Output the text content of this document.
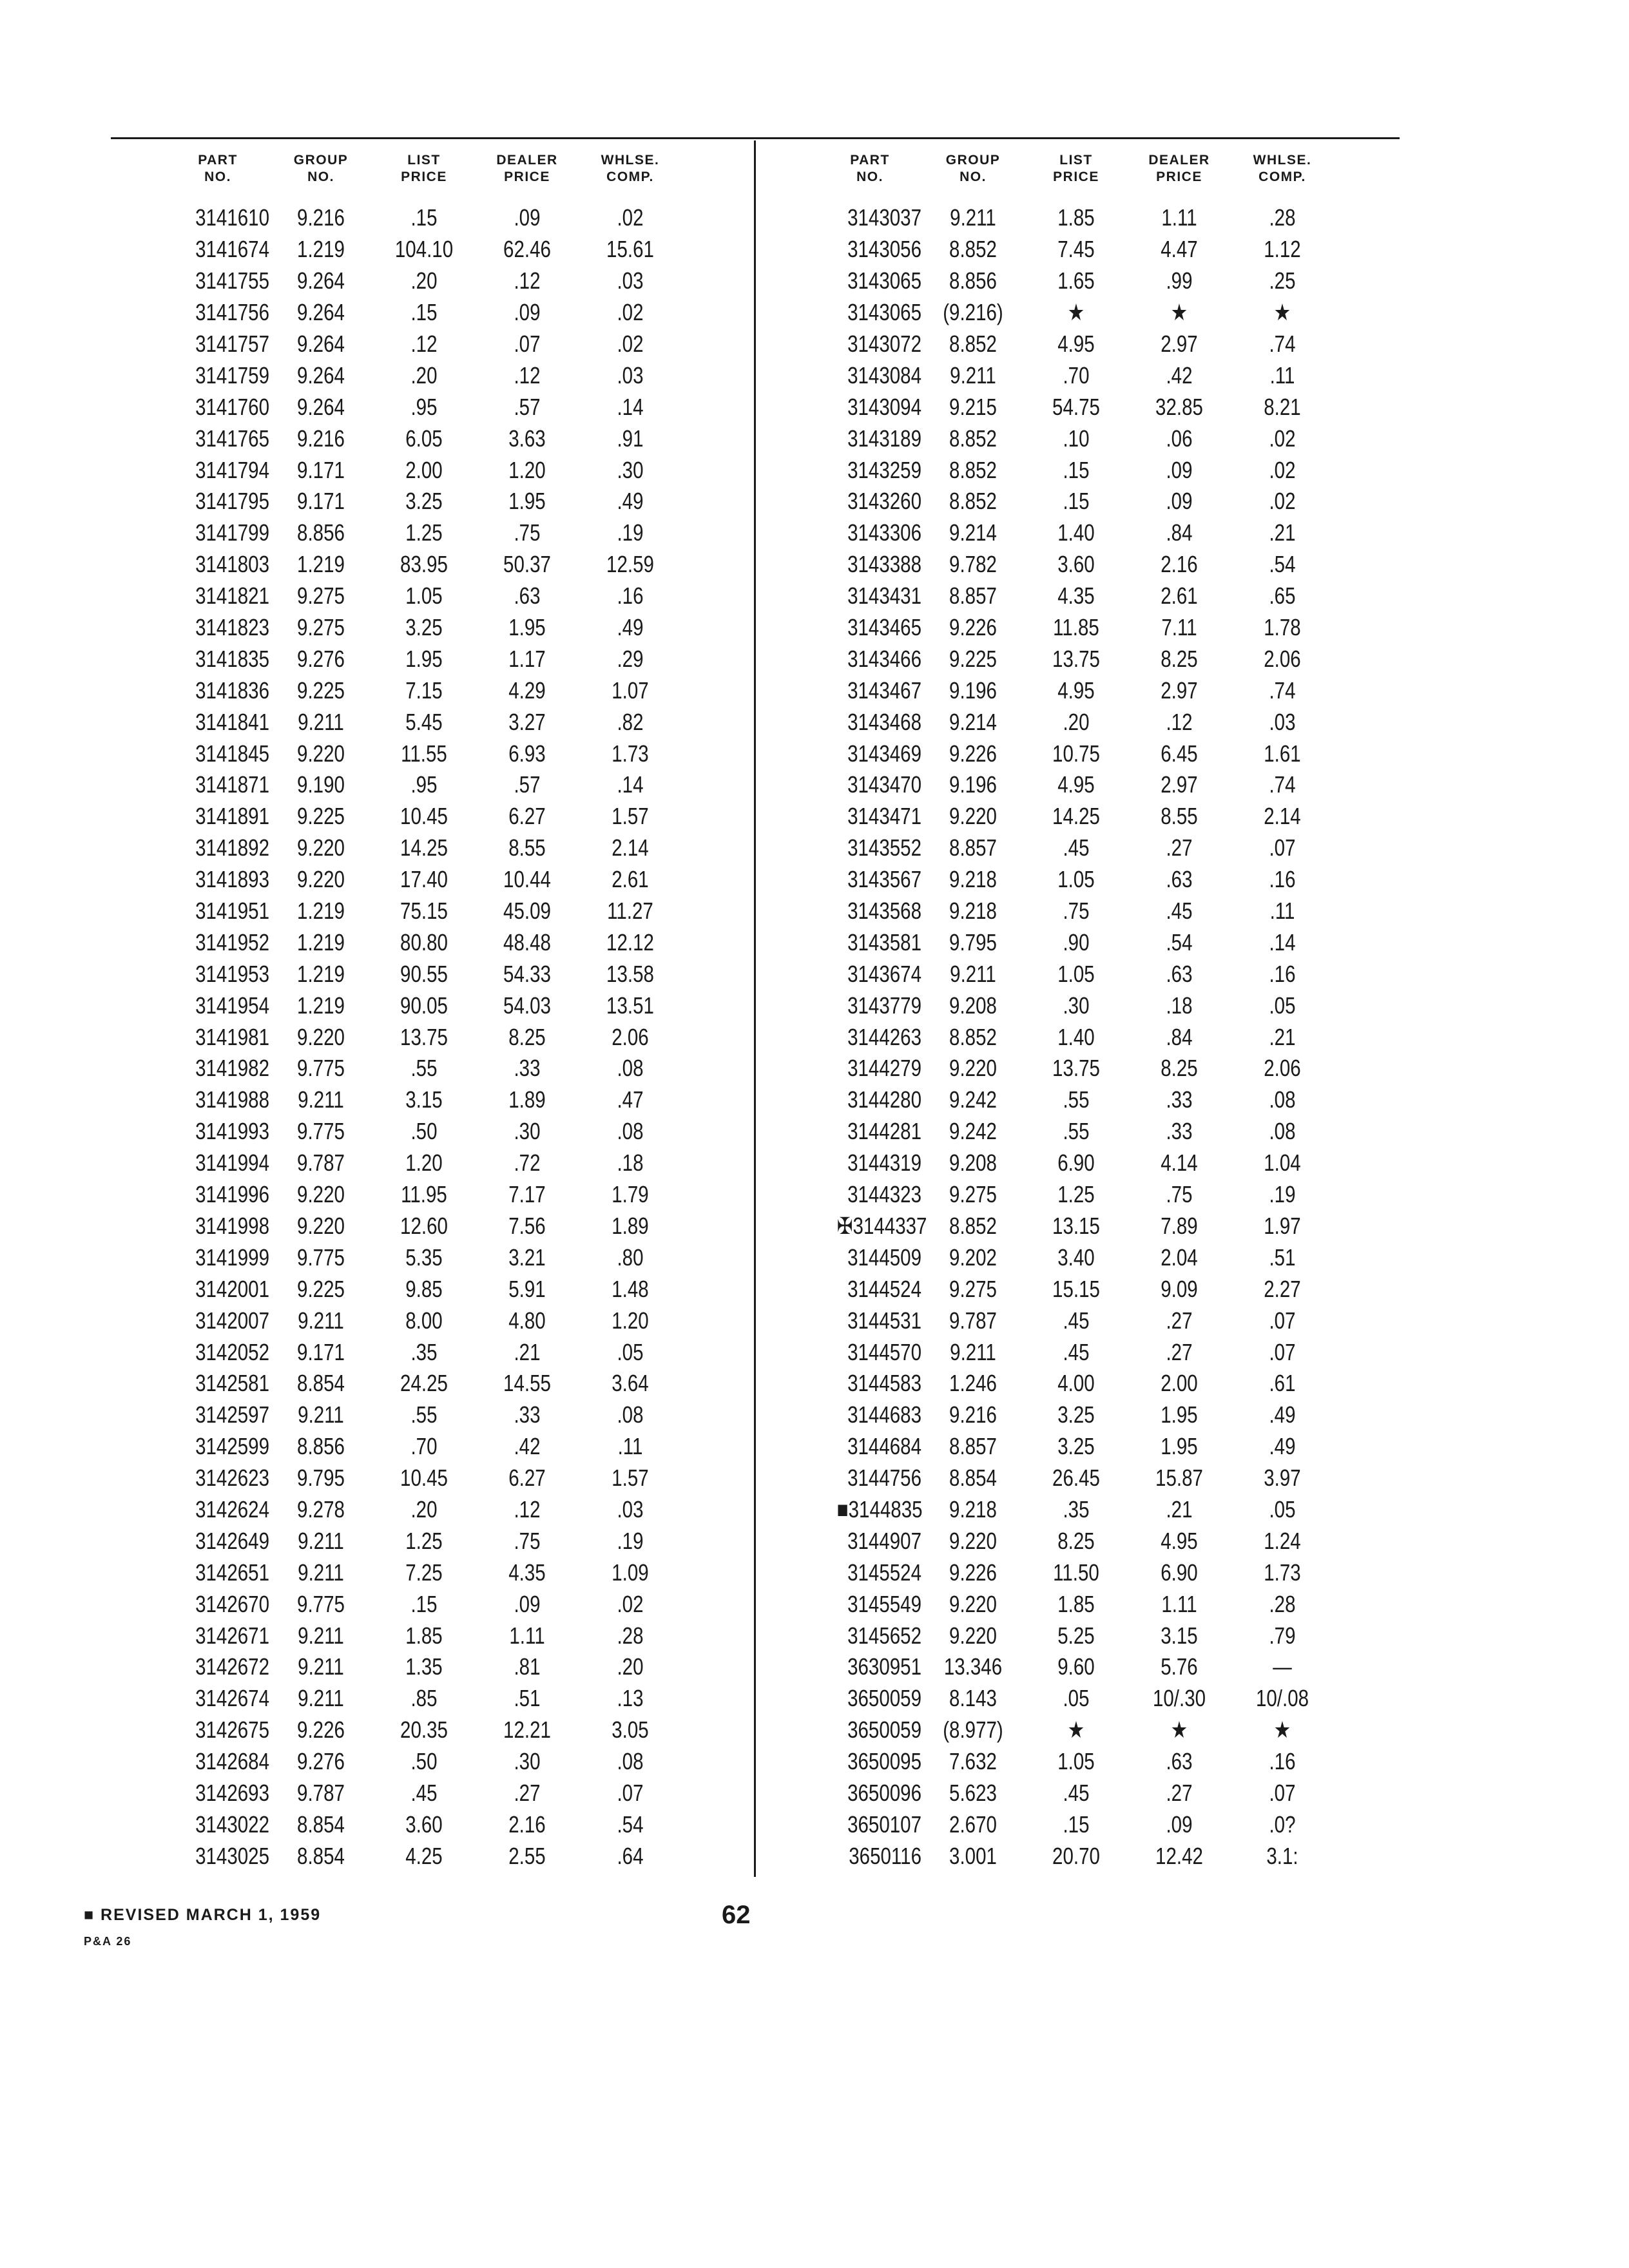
PART
NO.
GROUP
NO.
LIST
PRICE
DEALER
PRICE
WHLSE.
COMP.
3141610	9.216	.15	.09	.02
3141674	1.219	104.10	62.46	15.61
3141755	9.264	.20	.12	.03
3141756	9.264	.15	.09	.02
3141757	9.264	.12	.07	.02
3141759	9.264	.20	.12	.03
3141760	9.264	.95	.57	.14
3141765	9.216	6.05	3.63	.91
3141794	9.171	2.00	1.20	.30
3141795	9.171	3.25	1.95	.49
3141799	8.856	1.25	.75	.19
3141803	1.219	83.95	50.37	12.59
3141821	9.275	1.05	.63	.16
3141823	9.275	3.25	1.95	.49
3141835	9.276	1.95	1.17	.29
3141836	9.225	7.15	4.29	1.07
3141841	9.211	5.45	3.27	.82
3141845	9.220	11.55	6.93	1.73
3141871	9.190	.95	.57	.14
3141891	9.225	10.45	6.27	1.57
3141892	9.220	14.25	8.55	2.14
3141893	9.220	17.40	10.44	2.61
3141951	1.219	75.15	45.09	11.27
3141952	1.219	80.80	48.48	12.12
3141953	1.219	90.55	54.33	13.58
3141954	1.219	90.05	54.03	13.51
3141981	9.220	13.75	8.25	2.06
3141982	9.775	.55	.33	.08
3141988	9.211	3.15	1.89	.47
3141993	9.775	.50	.30	.08
3141994	9.787	1.20	.72	.18
3141996	9.220	11.95	7.17	1.79
3141998	9.220	12.60	7.56	1.89
3141999	9.775	5.35	3.21	.80
3142001	9.225	9.85	5.91	1.48
3142007	9.211	8.00	4.80	1.20
3142052	9.171	.35	.21	.05
3142581	8.854	24.25	14.55	3.64
3142597	9.211	.55	.33	.08
3142599	8.856	.70	.42	.11
3142623	9.795	10.45	6.27	1.57
3142624	9.278	.20	.12	.03
3142649	9.211	1.25	.75	.19
3142651	9.211	7.25	4.35	1.09
3142670	9.775	.15	.09	.02
3142671	9.211	1.85	1.11	.28
3142672	9.211	1.35	.81	.20
3142674	9.211	.85	.51	.13
3142675	9.226	20.35	12.21	3.05
3142684	9.276	.50	.30	.08
3142693	9.787	.45	.27	.07
3143022	8.854	3.60	2.16	.54
3143025	8.854	4.25	2.55	.64
PART
NO.
GROUP
NO.
LIST
PRICE
DEALER
PRICE
WHLSE.
COMP.
3143037	9.211	1.85	1.11	.28
3143056	8.852	7.45	4.47	1.12
3143065	8.856	1.65	.99	.25
3143065 (9.216)	★	★	★
3143072	8.852	4.95	2.97	.74
3143084	9.211	.70	.42	.11
3143094	9.215	54.75	32.85	8.21
3143189	8.852	.10	.06	.02
3143259	8.852	.15	.09	.02
3143260	8.852	.15	.09	.02
3143306	9.214	1.40	.84	.21
3143388	9.782	3.60	2.16	.54
3143431	8.857	4.35	2.61	.65
3143465	9.226	11.85	7.11	1.78
3143466	9.225	13.75	8.25	2.06
3143467	9.196	4.95	2.97	.74
3143468	9.214	.20	.12	.03
3143469	9.226	10.75	6.45	1.61
3143470	9.196	4.95	2.97	.74
3143471	9.220	14.25	8.55	2.14
3143552	8.857	.45	.27	.07
3143567	9.218	1.05	.63	.16
3143568	9.218	.75	.45	.11
3143581	9.795	.90	.54	.14
3143674	9.211	1.05	.63	.16
3143779	9.208	.30	.18	.05
3144263	8.852	1.40	.84	.21
3144279	9.220	13.75	8.25	2.06
3144280	9.242	.55	.33	.08
3144281	9.242	.55	.33	.08
3144319	9.208	6.90	4.14	1.04
3144323	9.275	1.25	.75	.19
✠3144337 8.852	13.15	7.89	1.97
3144509	9.202	3.40	2.04	.51
3144524	9.275	15.15	9.09	2.27
3144531	9.787	.45	.27	.07
3144570	9.211	.45	.27	.07
3144583	1.246	4.00	2.00	.61
3144683	9.216	3.25	1.95	.49
3144684	8.857	3.25	1.95	.49
3144756	8.854	26.45	15.87	3.97
■3144835	9.218	.35	.21	.05
3144907	9.220	8.25	4.95	1.24
3145524	9.226	11.50	6.90	1.73
3145549	9.220	1.85	1.11	.28
3145652	9.220	5.25	3.15	.79
3630951 13.346	9.60	5.76	—
3650059	8.143	.05	10/.30	10/.08
3650059 (8.977)	★	★	★
3650095	7.632	1.05	.63	.16
3650096	5.623	.45	.27	.07
3650107	2.670	.15	.09	.0?
3650116	3.001	20.70	12.42	3.1:
■ REVISED MARCH 1, 1959
P&A 26
62
